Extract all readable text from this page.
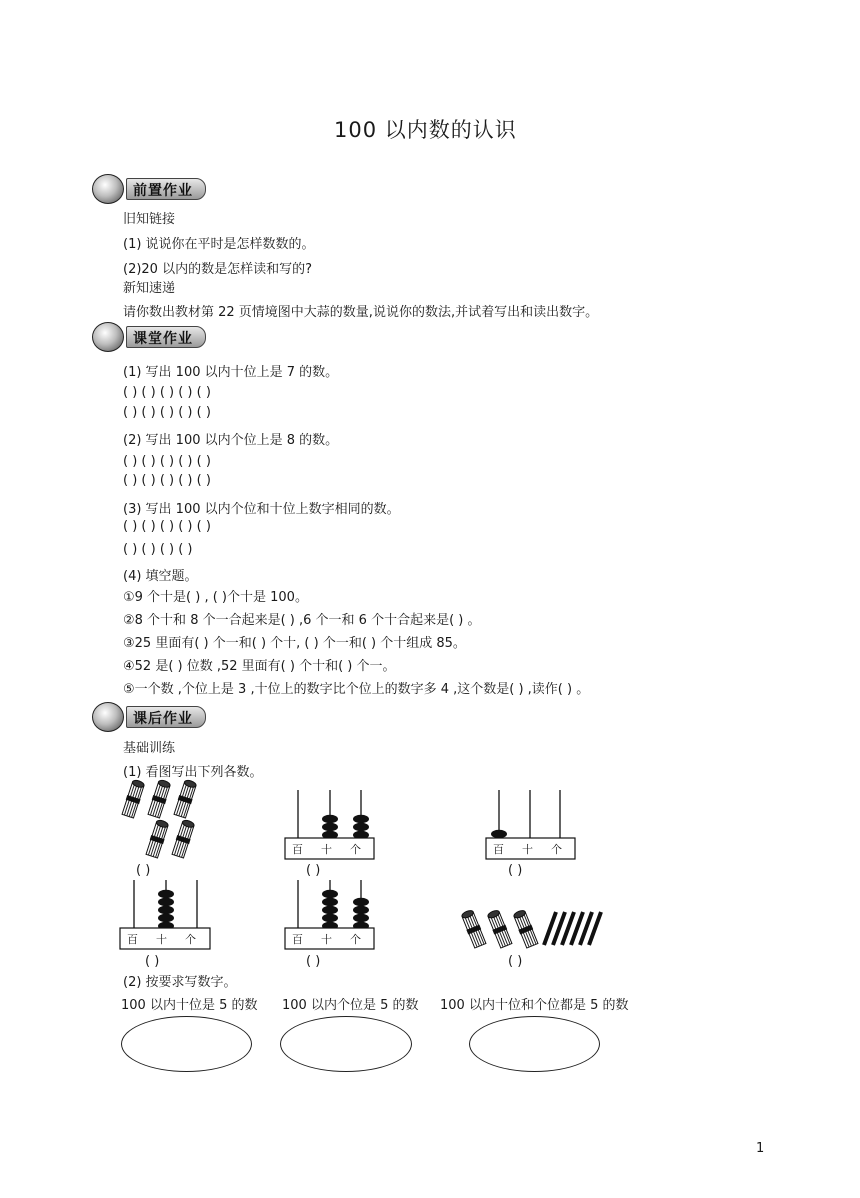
100 以内数的认识
前置作业
旧知链接
(1) 说说你在平时是怎样数数的。
(2)20 以内的数是怎样读和写的?
新知速递
请你数出教材第 22 页情境图中大蒜的数量,说说你的数法,并试着写出和读出数字。
课堂作业
(1) 写出 100 以内十位上是 7 的数。
( ) ( ) ( ) ( ) ( )
( ) ( ) ( ) ( ) ( )
(2) 写出 100 以内个位上是 8 的数。
( ) ( ) ( ) ( ) ( )
( ) ( ) ( ) ( ) ( )
(3) 写出 100 以内个位和十位上数字相同的数。
( ) ( ) ( ) ( ) ( )
( ) ( ) ( ) ( )
(4) 填空题。
①9 个十是( ) , ( )个十是 100。
②8 个十和 8 个一合起来是( ) ,6 个一和 6 个十合起来是( ) 。
③25 里面有( ) 个一和( ) 个十, ( ) 个一和( ) 个十组成 85。
④52 是( ) 位数 ,52 里面有( ) 个十和( ) 个一。
⑤一个数 ,个位上是 3 ,十位上的数字比个位上的数字多 4 ,这个数是( ) ,读作( ) 。
课后作业
基础训练
(1) 看图写出下列各数。
百十个	百十个
百十个	百十个
( )	( )	( )
( )	( )	( )
(2) 按要求写数字。
100 以内十位是 5 的数 100 以内个位是 5 的数 100 以内十位和个位都是 5 的数
1
